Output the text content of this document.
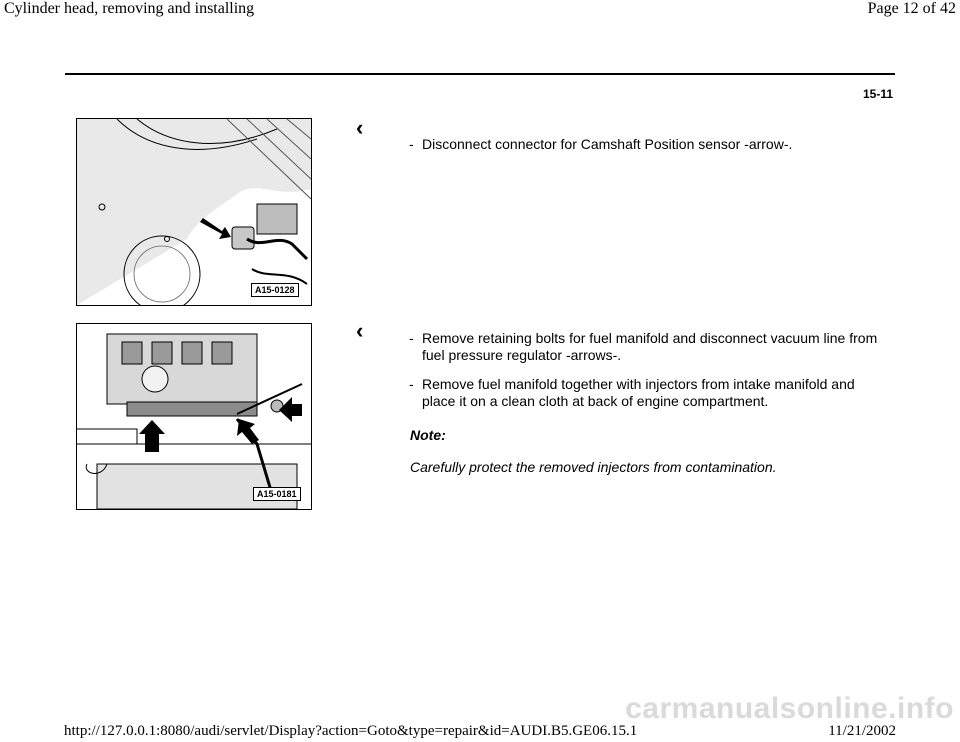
Cylinder head, removing and installing	Page 12 of 42
15-11
A15-0128
‹
- Disconnect connector for Camshaft Position sensor -arrow-.
A15-0181
‹	- Remove retaining bolts for fuel manifold and disconnect vacuum line from fuel pressure regulator -arrows-.
- Remove fuel manifold together with injectors from intake manifold and place it on a clean cloth at back of engine compartment.
Note:
Carefully protect the removed injectors from contamination.
carmanualsonline.info
http://127.0.0.1:8080/audi/servlet/Display?action=Goto&type=repair&id=AUDI.B5.GE06.15.1	11/21/2002
